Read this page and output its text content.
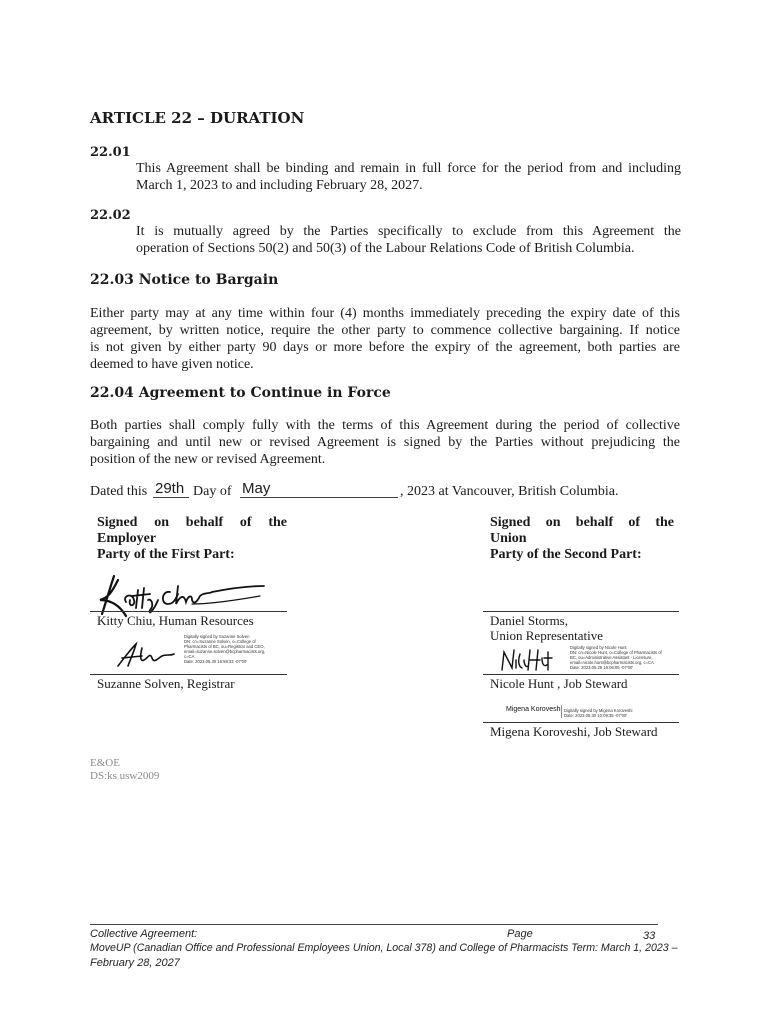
ARTICLE 22 – DURATION
22.01
This Agreement shall be binding and remain in full force for the period from and including
March 1, 2023 to and including February 28, 2027.
22.02
It is mutually agreed by the Parties specifically to exclude from this Agreement the
operation of Sections 50(2) and 50(3) of the Labour Relations Code of British Columbia.
22.03 Notice to Bargain
Either party may at any time within four (4) months immediately preceding the expiry date of this
agreement, by written notice, require the other party to commence collective bargaining. If notice
is not given by either party 90 days or more before the expiry of the agreement, both parties are
deemed to have given notice.
22.04 Agreement to Continue in Force
Both parties shall comply fully with the terms of this Agreement during the period of collective
bargaining and until new or revised Agreement is signed by the Parties without prejudicing the
position of the new or revised Agreement.
Dated this 29th Day of May	, 2023 at Vancouver, British Columbia.
Signed on behalf of the
Employer
Party of the First Part:
Kitty Chiu, Human Resources
Digitally signed by Suzanne Solven
DN: cn=Suzanne Solven, o=College of
Pharmacists of BC, ou=Registrar and CEO,
email=suzanne.solven@bcpharmacists.org,
c=CA
Date: 2023.05.30 16:58:33 -07'00'
Suzanne Solven, Registrar
Signed on behalf of the
Union
Party of the Second Part:
Daniel Storms,
Union Representative
Digitally signed by Nicole Hunt
DN: cn=Nicole Hunt, o=College of Pharmacists of
BC, ou=Administrative Assistant - Licensure,
email=nicole.hunt@bcpharmacists.org, c=CA
Date: 2023.05.29 16:06:05 -07'00'
Nicole Hunt , Job Steward
Migena Koroveshi Digitally signed by Migena Koroveshi
Date: 2023.05.30 10:09:35 -07'00'
Migena Koroveshi, Job Steward
E&OE
DS:ks usw2009
Collective Agreement:	Page	33
MoveUP (Canadian Office and Professional Employees Union, Local 378) and College of Pharmacists Term: March 1, 2023 –
February 28, 2027
